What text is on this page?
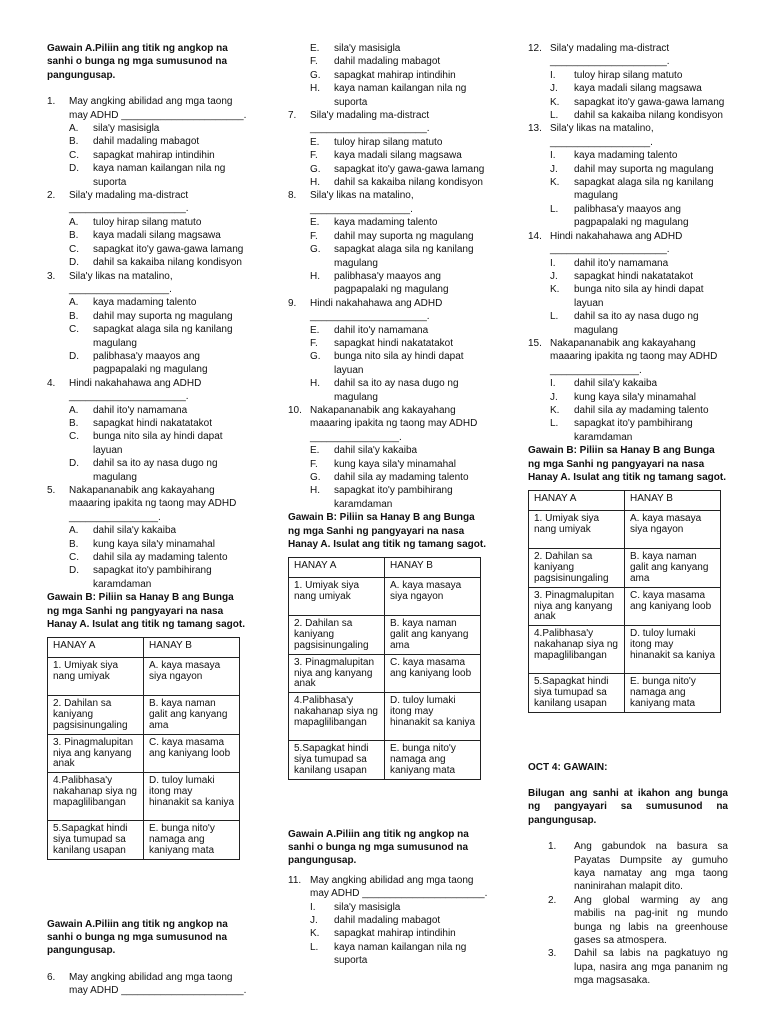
Gawain A.Piliin ang titik ng angkop na sanhi o bunga ng mga sumusunod na pangungusap.

1. May angking abilidad ang mga taong may ADHD ______________________.
A. sila'y masisigla
B. dahil madaling mabagot
C. sapagkat mahirap intindihin
D. kaya naman kailangan nila ng suporta
2. Sila'y madaling ma-distract
_____________________.
A. tuloy hirap silang matuto
B. kaya madali silang magsawa
C. sapagkat ito'y gawa-gawa lamang
D. dahil sa kakaiba nilang kondisyon
3. Sila'y likas na matalino,
__________________.
A. kaya madaming talento
B. dahil may suporta ng magulang
C. sapagkat alaga sila ng kanilang magulang
D. palibhasa'y maayos ang pagpapalaki ng magulang
4. Hindi nakahahawa ang ADHD
_____________________.
A. dahil ito'y namamana
B. sapagkat hindi nakatatakot
C. bunga nito sila ay hindi dapat layuan
D. dahil sa ito ay nasa dugo ng magulang
5. Nakapananabik ang kakayahang maaaring ipakita ng taong may ADHD
________________.
A. dahil sila'y kakaiba
B. kung kaya sila'y minamahal
C. dahil sila ay madaming talento
D. sapagkat ito'y pambihirang karamdaman

Gawain B: Piliin sa Hanay B ang Bunga ng mga Sanhi ng pangyayari na nasa Hanay A. Isulat ang titik ng tamang sagot.

HANAY A	HANAY B
1. Umiyak siya nang umiyak	A. kaya masaya siya ngayon
2. Dahilan sa kaniyang pagsisinungaling	B. kaya naman galit ang kanyang ama
3. Pinagmalupitan niya ang kanyang anak	C. kaya masama ang kaniyang loob
4.Palibhasa'y nakahanap siya ng mapaglilibangan	D. tuloy lumaki itong may hinanakit sa kaniya
5.Sapagkat hindi siya tumupad sa kanilang usapan	E. bunga nito'y namaga ang kaniyang mata

Gawain A.Piliin ang titik ng angkop na sanhi o bunga ng mga sumusunod na pangungusap.

6. May angking abilidad ang mga taong may ADHD ______________________.
E. sila'y masisigla
F. dahil madaling mabagot
G. sapagkat mahirap intindihin
H. kaya naman kailangan nila ng suporta
7. Sila'y madaling ma-distract
_____________________.
E. tuloy hirap silang matuto
F. kaya madali silang magsawa
G. sapagkat ito'y gawa-gawa lamang
H. dahil sa kakaiba nilang kondisyon
8. Sila'y likas na matalino,
__________________.
E. kaya madaming talento
F. dahil may suporta ng magulang
G. sapagkat alaga sila ng kanilang magulang
H. palibhasa'y maayos ang pagpapalaki ng magulang
9. Hindi nakahahawa ang ADHD
_____________________.
E. dahil ito'y namamana
F. sapagkat hindi nakatatakot
G. bunga nito sila ay hindi dapat layuan
H. dahil sa ito ay nasa dugo ng magulang
10. Nakapananabik ang kakayahang maaaring ipakita ng taong may ADHD
________________.
E. dahil sila'y kakaiba
F. kung kaya sila'y minamahal
G. dahil sila ay madaming talento
H. sapagkat ito'y pambihirang karamdaman

Gawain B: Piliin sa Hanay B ang Bunga ng mga Sanhi ng pangyayari na nasa Hanay A. Isulat ang titik ng tamang sagot.

HANAY A	HANAY B
1. Umiyak siya nang umiyak	A. kaya masaya siya ngayon
2. Dahilan sa kaniyang pagsisinungaling	B. kaya naman galit ang kanyang ama
3. Pinagmalupitan niya ang kanyang anak	C. kaya masama ang kaniyang loob
4.Palibhasa'y nakahanap siya ng mapaglilibangan	D. tuloy lumaki itong may hinanakit sa kaniya
5.Sapagkat hindi siya tumupad sa kanilang usapan	E. bunga nito'y namaga ang kaniyang mata

Gawain A.Piliin ang titik ng angkop na sanhi o bunga ng mga sumusunod na pangungusap.

11. May angking abilidad ang mga taong may ADHD ______________________.
I. sila'y masisigla
J. dahil madaling mabagot
K. sapagkat mahirap intindihin
L. kaya naman kailangan nila ng suporta
12. Sila'y madaling ma-distract
_____________________.
I. tuloy hirap silang matuto
J. kaya madali silang magsawa
K. sapagkat ito'y gawa-gawa lamang
L. dahil sa kakaiba nilang kondisyon
13. Sila'y likas na matalino,
__________________.
I. kaya madaming talento
J. dahil may suporta ng magulang
K. sapagkat alaga sila ng kanilang magulang
L. palibhasa'y maayos ang pagpapalaki ng magulang
14. Hindi nakahahawa ang ADHD
_____________________.
I. dahil ito'y namamana
J. sapagkat hindi nakatatakot
K. bunga nito sila ay hindi dapat layuan
L. dahil sa ito ay nasa dugo ng magulang
15. Nakapananabik ang kakayahang maaaring ipakita ng taong may ADHD
________________.
I. dahil sila'y kakaiba
J. kung kaya sila'y minamahal
K. dahil sila ay madaming talento
L. sapagkat ito'y pambihirang karamdaman

Gawain B: Piliin sa Hanay B ang Bunga ng mga Sanhi ng pangyayari na nasa Hanay A. Isulat ang titik ng tamang sagot.

HANAY A	HANAY B
1. Umiyak siya nang umiyak	A. kaya masaya siya ngayon
2. Dahilan sa kaniyang pagsisinungaling	B. kaya naman galit ang kanyang ama
3. Pinagmalupitan niya ang kanyang anak	C. kaya masama ang kaniyang loob
4.Palibhasa'y nakahanap siya ng mapaglilibangan	D. tuloy lumaki itong may hinanakit sa kaniya
5.Sapagkat hindi siya tumupad sa kanilang usapan	E. bunga nito'y namaga ang kaniyang mata

OCT 4: GAWAIN:

Bilugan ang sanhi at ikahon ang bunga ng pangyayari sa sumusunod na pangungusap.

1. Ang gabundok na basura sa Payatas Dumpsite ay gumuho kaya namatay ang mga taong naninirahan malapit dito.
2. Ang global warming ay ang mabilis na pag-init ng mundo bunga ng labis na greenhouse gases sa atmospera.
3. Dahil sa labis na pagkatuyo ng lupa, nasira ang mga pananim ng mga magsasaka.
